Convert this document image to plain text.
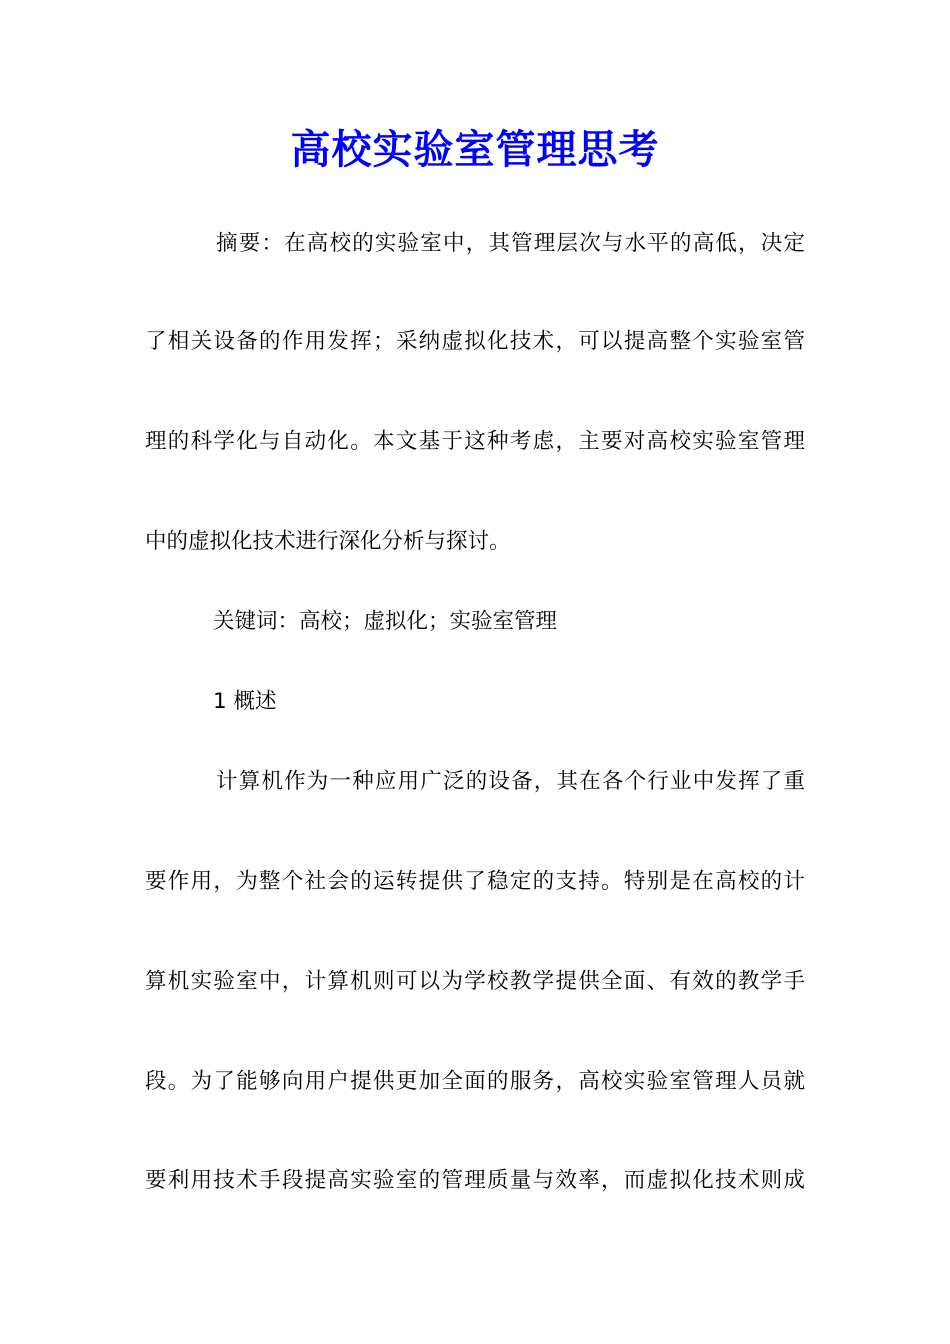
高校实验室管理思考
摘要：在高校的实验室中，其管理层次与水平的高低，决定
了相关设备的作用发挥；采纳虚拟化技术，可以提高整个实验室管
理的科学化与自动化。本文基于这种考虑，主要对高校实验室管理
中的虚拟化技术进行深化分析与探讨。
关键词：高校；虚拟化；实验室管理
1 概述
计算机作为一种应用广泛的设备，其在各个行业中发挥了重
要作用，为整个社会的运转提供了稳定的支持。特别是在高校的计
算机实验室中，计算机则可以为学校教学提供全面、有效的教学手
段。为了能够向用户提供更加全面的服务，高校实验室管理人员就
要利用技术手段提高实验室的管理质量与效率，而虚拟化技术则成
